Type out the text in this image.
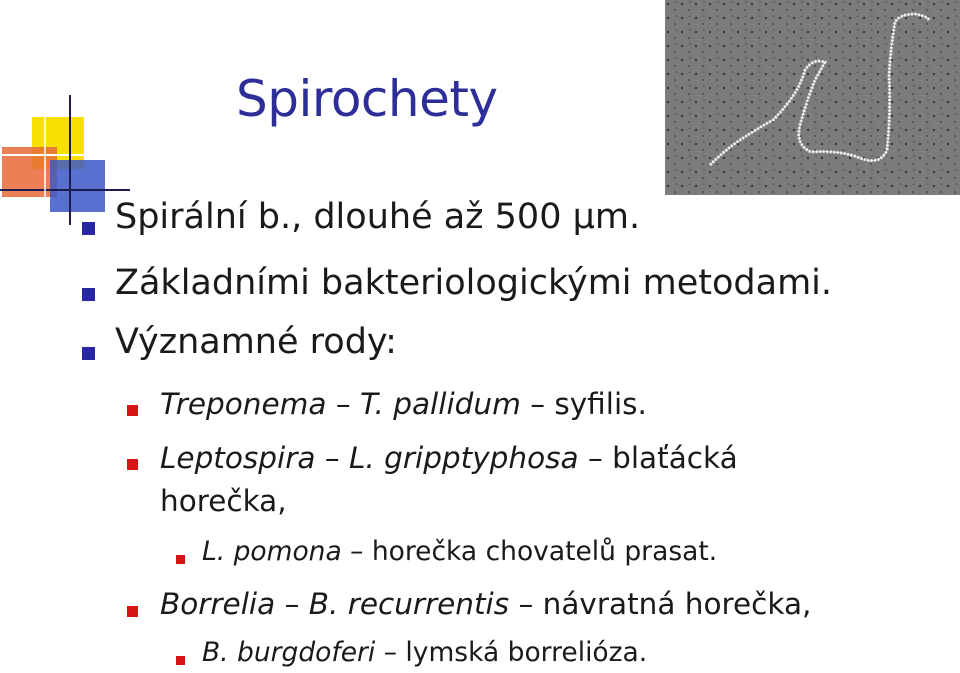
Spirochety
Spirální b., dlouhé až 500 μm.
Základními bakteriologickými metodami.
Významné rody:
Treponema – T. pallidum – syfilis.
Leptospira – L. gripptyphosa – blaťácká
horečka,
L. pomona – horečka chovatelů prasat.
Borrelia – B. recurrentis – návratná horečka,
B. burgdoferi – lymská borrelióza.
